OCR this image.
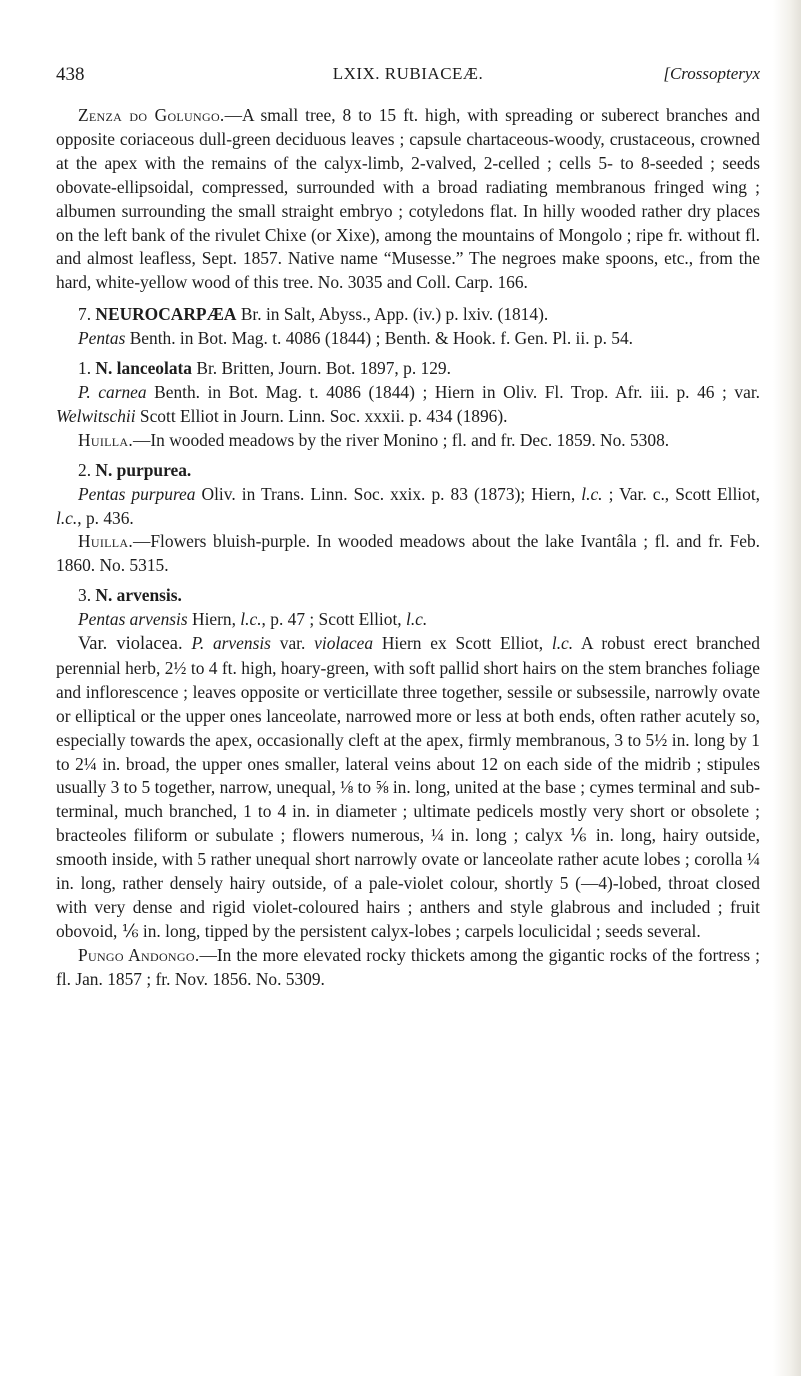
438	LXIX. RUBIACEÆ.	[Crossopteryx

Zenza do Golungo.—A small tree, 8 to 15 ft. high, with spreading or suberect branches and opposite coriaceous dull-green deciduous leaves ; capsule chartaceous-woody, crustaceous, crowned at the apex with the remains of the calyx-limb, 2-valved, 2-celled ; cells 5- to 8-seeded ; seeds obovate-ellipsoidal, compressed, surrounded with a broad radiating membranous fringed wing ; albumen surrounding the small straight embryo ; cotyledons flat. In hilly wooded rather dry places on the left bank of the rivulet Chixe (or Xixe), among the mountains of Mongolo ; ripe fr. without fl. and almost leafless, Sept. 1857. Native name “Musesse.” The negroes make spoons, etc., from the hard, white-yellow wood of this tree. No. 3035 and Coll. Carp. 166.

7. NEUROCARPÆA Br. in Salt, Abyss., App. (iv.) p. lxiv. (1814).

Pentas Benth. in Bot. Mag. t. 4086 (1844) ; Benth. & Hook. f. Gen. Pl. ii. p. 54.

1. N. lanceolata Br. Britten, Journ. Bot. 1897, p. 129.

P. carnea Benth. in Bot. Mag. t. 4086 (1844) ; Hiern in Oliv. Fl. Trop. Afr. iii. p. 46 ; var. Welwitschii Scott Elliot in Journ. Linn. Soc. xxxii. p. 434 (1896).

Huilla.—In wooded meadows by the river Monino ; fl. and fr. Dec. 1859. No. 5308.

2. N. purpurea.

Pentas purpurea Oliv. in Trans. Linn. Soc. xxix. p. 83 (1873); Hiern, l.c. ; Var. c., Scott Elliot, l.c., p. 436.

Huilla.—Flowers bluish-purple. In wooded meadows about the lake Ivantâla ; fl. and fr. Feb. 1860. No. 5315.

3. N. arvensis.

Pentas arvensis Hiern, l.c., p. 47 ; Scott Elliot, l.c.

Var. violacea. P. arvensis var. violacea Hiern ex Scott Elliot, l.c. A robust erect branched perennial herb, 2½ to 4 ft. high, hoary-green, with soft pallid short hairs on the stem branches foliage and inflorescence ; leaves opposite or verticillate three together, sessile or subsessile, narrowly ovate or elliptical or the upper ones lanceolate, narrowed more or less at both ends, often rather acutely so, especially towards the apex, occasionally cleft at the apex, firmly membranous, 3 to 5½ in. long by 1 to 2¼ in. broad, the upper ones smaller, lateral veins about 12 on each side of the midrib ; stipules usually 3 to 5 together, narrow, unequal, ⅛ to ⅝ in. long, united at the base ; cymes terminal and sub-terminal, much branched, 1 to 4 in. in diameter ; ultimate pedicels mostly very short or obsolete ; bracteoles filiform or subulate ; flowers numerous, ¼ in. long ; calyx ⅙ in. long, hairy outside, smooth inside, with 5 rather unequal short narrowly ovate or lanceolate rather acute lobes ; corolla ¼ in. long, rather densely hairy outside, of a pale-violet colour, shortly 5 (—4)-lobed, throat closed with very dense and rigid violet-coloured hairs ; anthers and style glabrous and included ; fruit obovoid, ⅙ in. long, tipped by the persistent calyx-lobes ; carpels loculicidal ; seeds several.

Pungo Andongo.—In the more elevated rocky thickets among the gigantic rocks of the fortress ; fl. Jan. 1857 ; fr. Nov. 1856. No. 5309.
